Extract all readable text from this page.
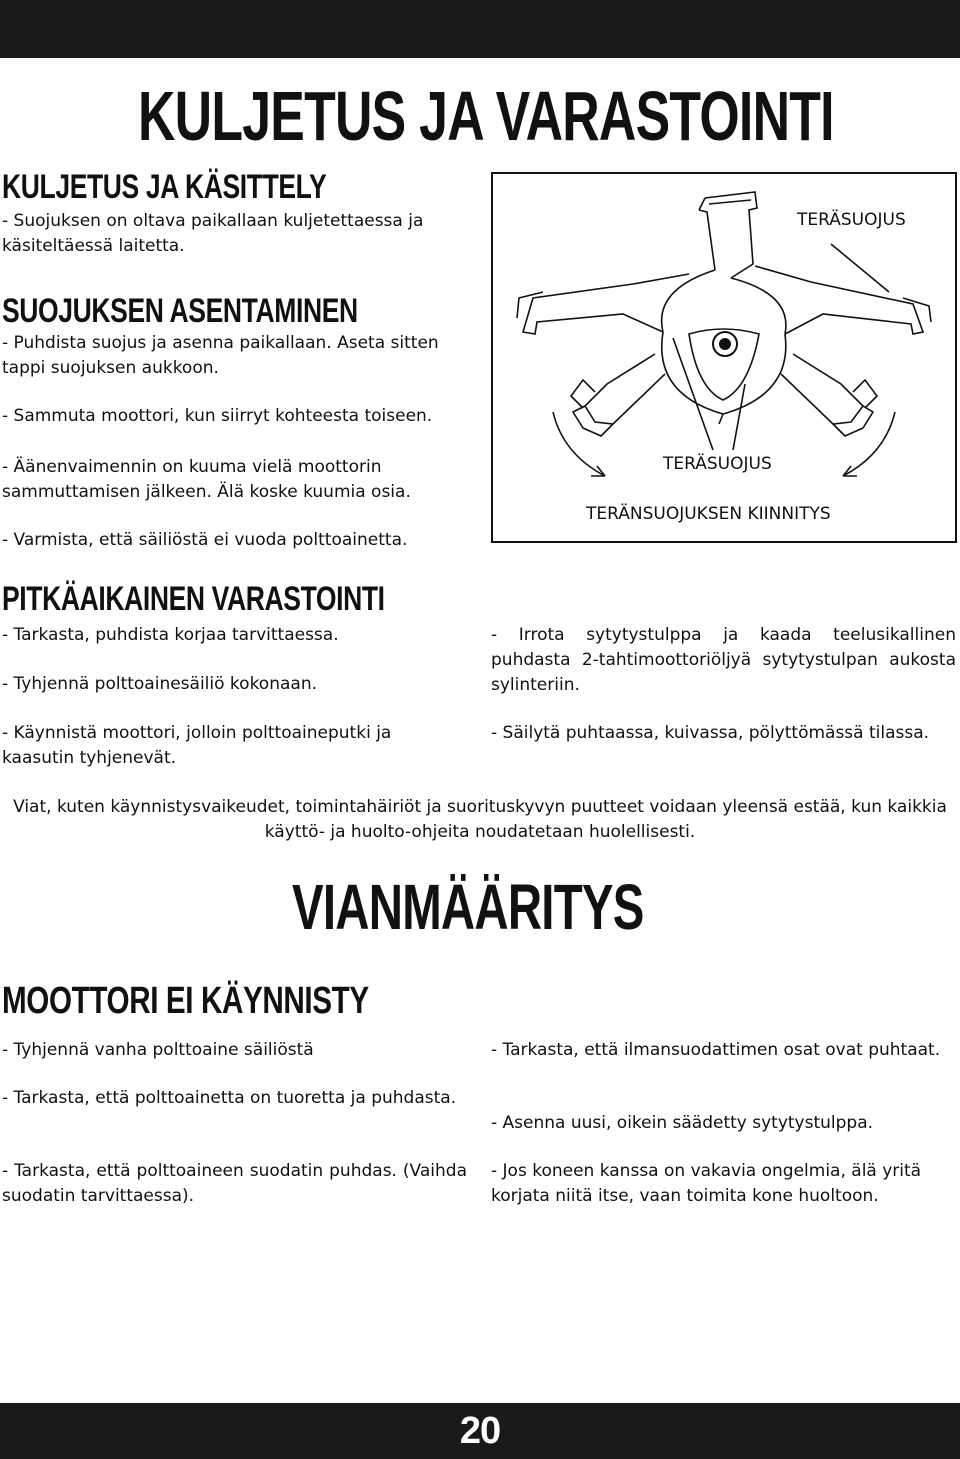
KULJETUS JA VARASTOINTI
KULJETUS JA KÄSITTELY

- Suojuksen on oltava paikallaan kuljetettaessa ja käsiteltäessä laitetta.

SUOJUKSEN ASENTAMINEN

- Puhdista suojus ja asenna paikallaan. Aseta sitten tappi suojuksen aukkoon.

- Sammuta moottori, kun siirryt kohteesta toiseen.

- Äänenvaimennin on kuuma vielä moottorin sammuttamisen jälkeen. Älä koske kuumia osia.

- Varmista, että säiliöstä ei vuoda polttoainetta.

TERÄSUOJUS
TERÄSUOJUS
TERÄNSUOJUKSEN KIINNITYS
PITKÄAIKAINEN VARASTOINTI

- Tarkasta, puhdista korjaa tarvittaessa.

- Tyhjennä polttoainesäiliö kokonaan.

- Käynnistä moottori, jolloin polttoaineputki ja kaasutin tyhjenevät.

- Irrota sytytystulppa ja kaada teelusikallinen puhdasta 2-tahtimoottoriöljyä sytytystulpan aukosta sylinteriin.

- Säilytä puhtaassa, kuivassa, pölyttömässä tilassa.

Viat, kuten käynnistysvaikeudet, toimintahäiriöt ja suorituskyvyn puutteet voidaan yleensä estää, kun kaikkia käyttö- ja huolto-ohjeita noudatetaan huolellisesti.

VIANMÄÄRITYS
MOOTTORI EI KÄYNNISTY

- Tyhjennä vanha polttoaine säiliöstä

- Tarkasta, että polttoainetta on tuoretta ja puhdasta.

- Tarkasta, että polttoaineen suodatin puhdas. (Vaihda suodatin tarvittaessa).

- Tarkasta, että ilmansuodattimen osat ovat puhtaat.

- Asenna uusi, oikein säädetty sytytystulppa.

- Jos koneen kanssa on vakavia ongelmia, älä yritä korjata niitä itse, vaan toimita kone huoltoon.

20
